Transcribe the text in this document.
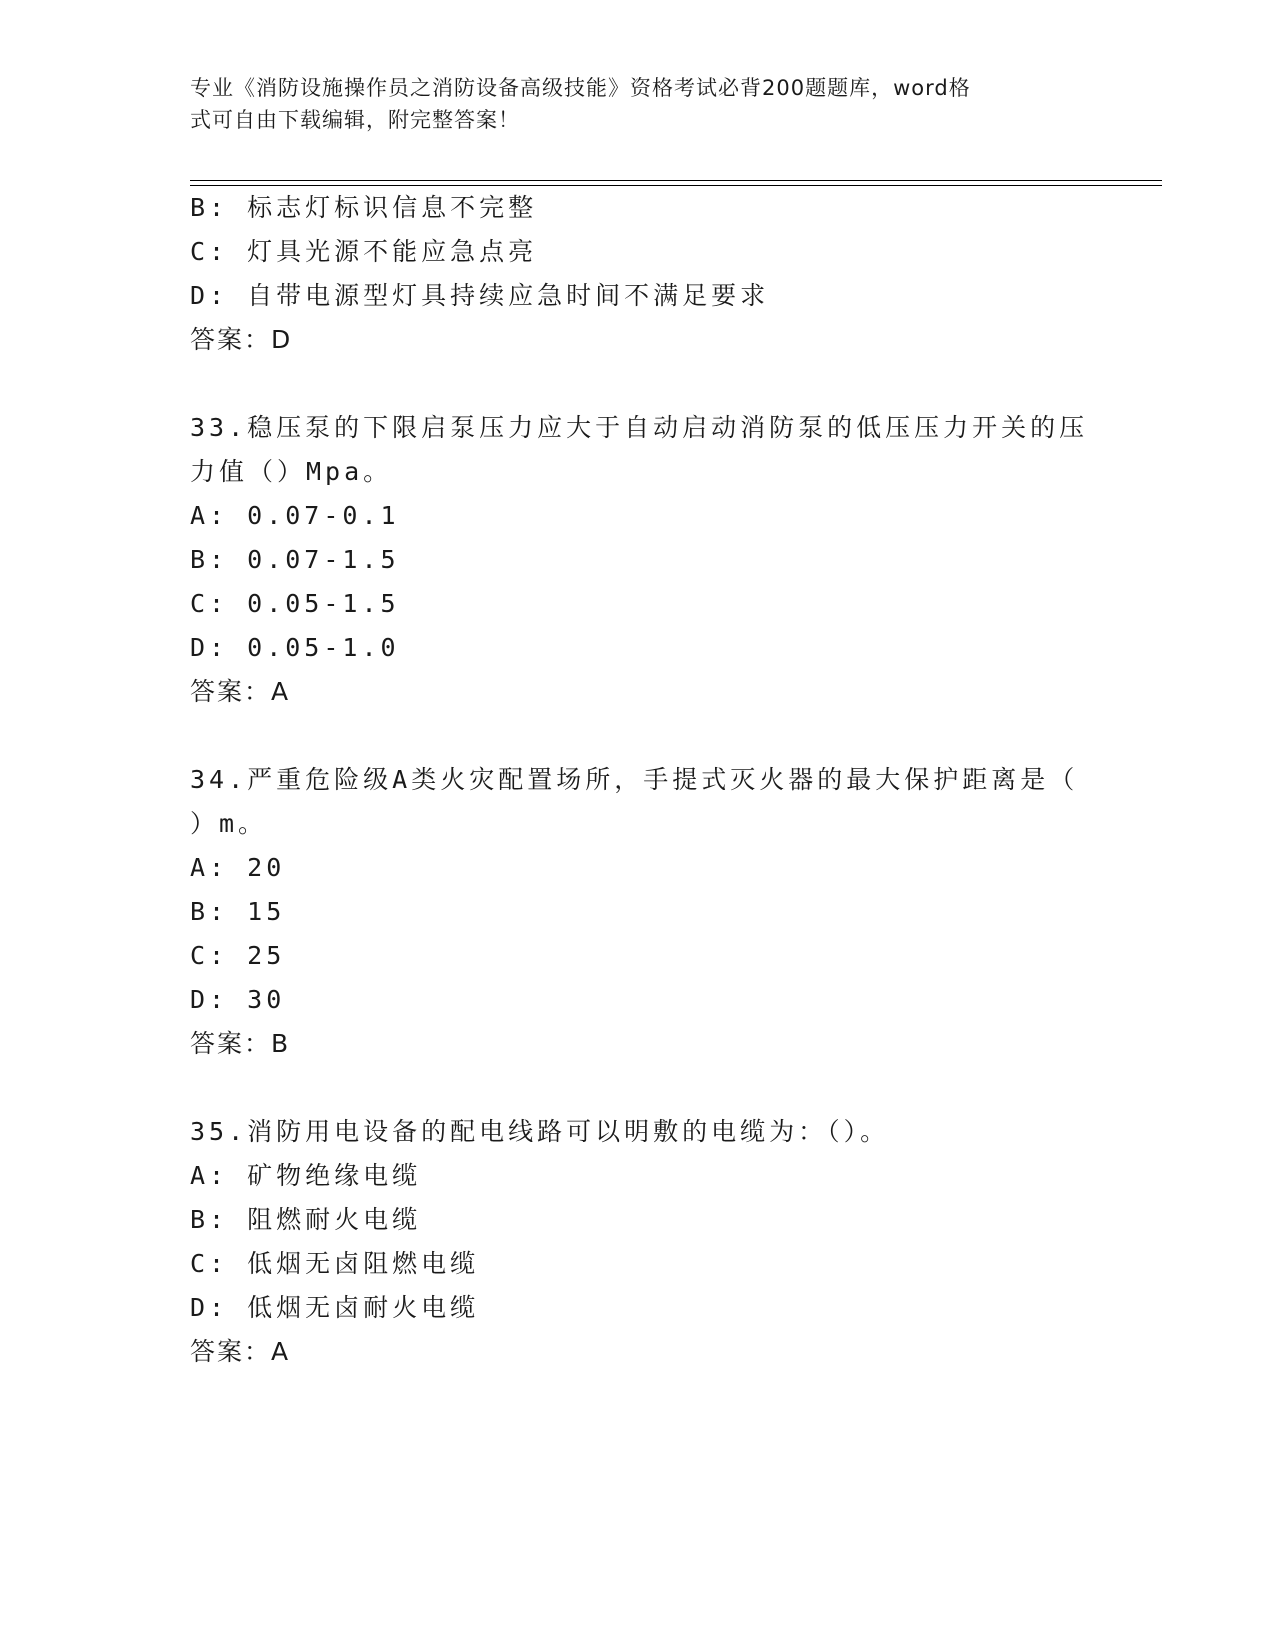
专业《消防设施操作员之消防设备高级技能》资格考试必背200题题库，word格
式可自由下载编辑，附完整答案！
B: 标志灯标识信息不完整
C: 灯具光源不能应急点亮
D: 自带电源型灯具持续应急时间不满足要求
答案：D
33.稳压泵的下限启泵压力应大于自动启动消防泵的低压压力开关的压
力值（）Mpa。
A: 0.07-0.1
B: 0.07-1.5
C: 0.05-1.5
D: 0.05-1.0
答案：A
34.严重危险级A类火灾配置场所，手提式灭火器的最大保护距离是（
）m。
A: 20
B: 15
C: 25
D: 30
答案：B
35.消防用电设备的配电线路可以明敷的电缆为：（）。
A: 矿物绝缘电缆
B: 阻燃耐火电缆
C: 低烟无卤阻燃电缆
D: 低烟无卤耐火电缆
答案：A
